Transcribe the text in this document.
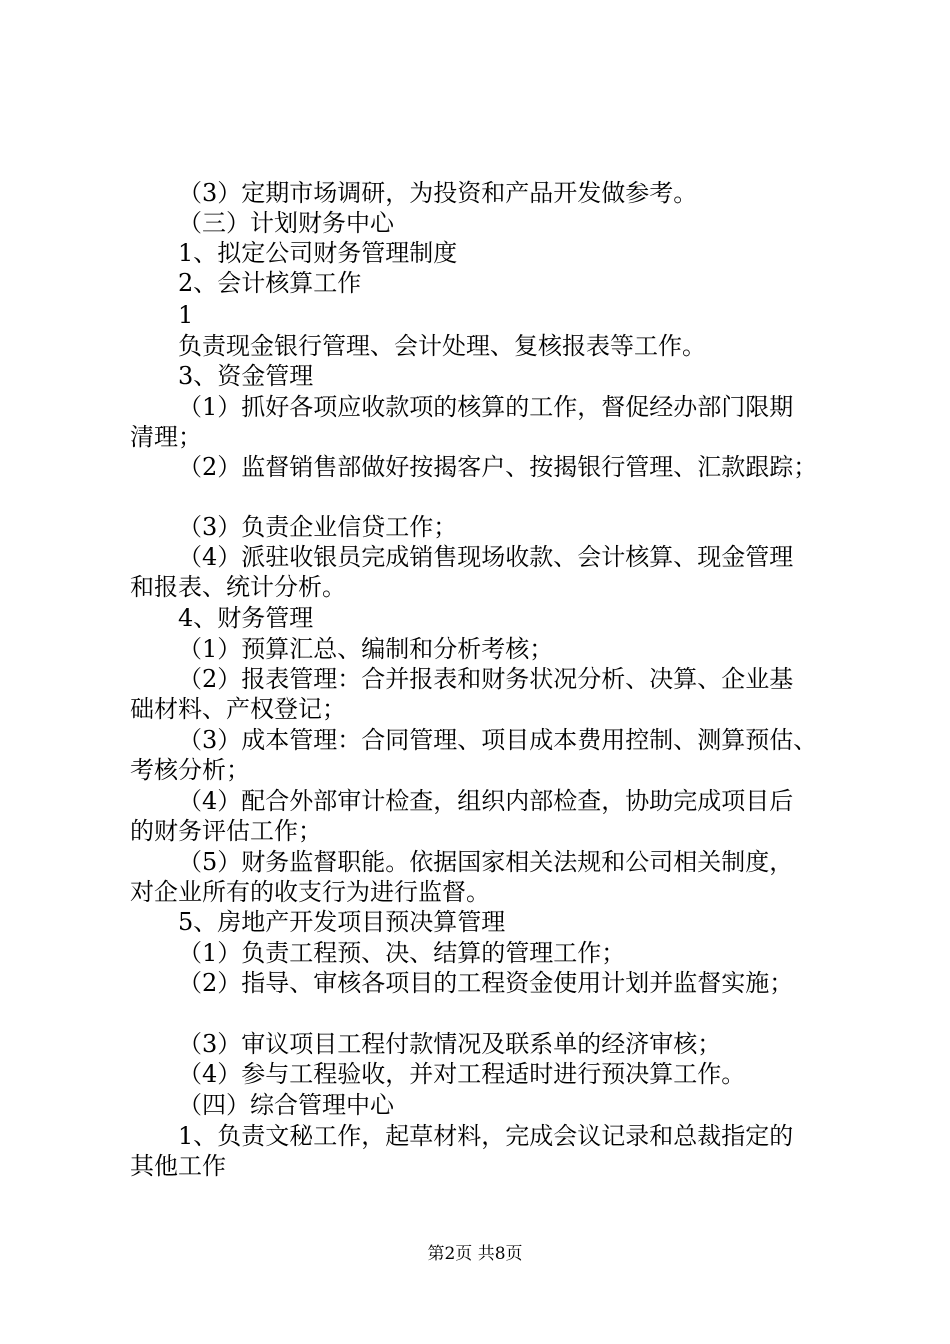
（3）定期市场调研，为投资和产品开发做参考。
（三）计划财务中心
1、拟定公司财务管理制度
2、会计核算工作
1
负责现金银行管理、会计处理、复核报表等工作。
3、资金管理
（1）抓好各项应收款项的核算的工作，督促经办部门限期
清理；
（2）监督销售部做好按揭客户、按揭银行管理、汇款跟踪；
（3）负责企业信贷工作；
（4）派驻收银员完成销售现场收款、会计核算、现金管理
和报表、统计分析。
4、财务管理
（1）预算汇总、编制和分析考核；
（2）报表管理：合并报表和财务状况分析、决算、企业基
础材料、产权登记；
（3）成本管理：合同管理、项目成本费用控制、测算预估、
考核分析；
（4）配合外部审计检查，组织内部检查，协助完成项目后
的财务评估工作；
（5）财务监督职能。依据国家相关法规和公司相关制度，
对企业所有的收支行为进行监督。
5、房地产开发项目预决算管理
（1）负责工程预、决、结算的管理工作；
（2）指导、审核各项目的工程资金使用计划并监督实施；
（3）审议项目工程付款情况及联系单的经济审核；
（4）参与工程验收，并对工程适时进行预决算工作。
（四）综合管理中心
1、负责文秘工作，起草材料，完成会议记录和总裁指定的
其他工作
第2页 共8页
